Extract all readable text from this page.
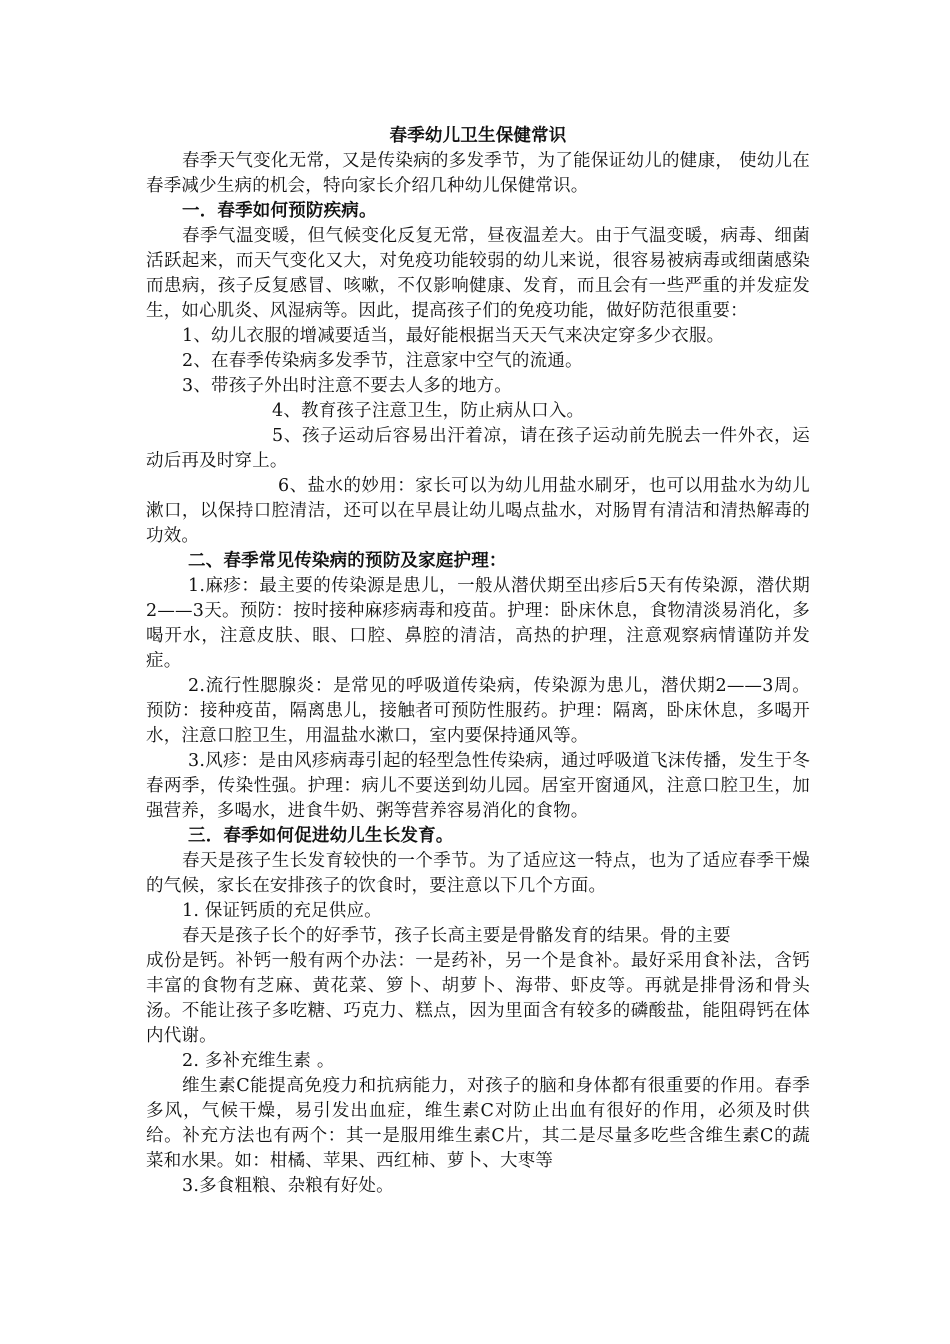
春季幼儿卫生保健常识

春季天气变化无常，又是传染病的多发季节，为了能保证幼儿的健康， 使幼儿在春季减少生病的机会，特向家长介绍几种幼儿保健常识。

一．春季如何预防疾病。

春季气温变暖，但气候变化反复无常，昼夜温差大。由于气温变暖，病毒、细菌活跃起来，而天气变化又大，对免疫功能较弱的幼儿来说，很容易被病毒或细菌感染而患病，孩子反复感冒、咳嗽，不仅影响健康、发育，而且会有一些严重的并发症发生，如心肌炎、风湿病等。因此，提高孩子们的免疫功能，做好防范很重要：

1、幼儿衣服的增减要适当，最好能根据当天天气来决定穿多少衣服。

2、在春季传染病多发季节，注意家中空气的流通。

3、带孩子外出时注意不要去人多的地方。

4、教育孩子注意卫生，防止病从口入。

5、孩子运动后容易出汗着凉，请在孩子运动前先脱去一件外衣，运动后再及时穿上。

6、盐水的妙用：家长可以为幼儿用盐水刷牙，也可以用盐水为幼儿漱口，以保持口腔清洁，还可以在早晨让幼儿喝点盐水，对肠胃有清洁和清热解毒的功效。

二、春季常见传染病的预防及家庭护理：

1.麻疹：最主要的传染源是患儿，一般从潜伏期至出疹后5天有传染源，潜伏期2——3天。预防：按时接种麻疹病毒和疫苗。护理：卧床休息，食物清淡易消化，多喝开水，注意皮肤、眼、口腔、鼻腔的清洁，高热的护理，注意观察病情谨防并发症。

2.流行性腮腺炎：是常见的呼吸道传染病，传染源为患儿，潜伏期2——3周。预防：接种疫苗，隔离患儿，接触者可预防性服药。护理：隔离，卧床休息，多喝开水，注意口腔卫生，用温盐水漱口，室内要保持通风等。

3.风疹：是由风疹病毒引起的轻型急性传染病，通过呼吸道飞沫传播，发生于冬春两季，传染性强。护理：病儿不要送到幼儿园。居室开窗通风，注意口腔卫生，加强营养，多喝水，进食牛奶、粥等营养容易消化的食物。

三．春季如何促进幼儿生长发育。

春天是孩子生长发育较快的一个季节。为了适应这一特点，也为了适应春季干燥的气候，家长在安排孩子的饮食时，要注意以下几个方面。

1. 保证钙质的充足供应。

春天是孩子长个的好季节，孩子长高主要是骨骼发育的结果。骨的主要

成份是钙。补钙一般有两个办法：一是药补，另一个是食补。最好采用食补法，含钙丰富的食物有芝麻、黄花菜、箩卜、胡萝卜、海带、虾皮等。再就是排骨汤和骨头汤。不能让孩子多吃糖、巧克力、糕点，因为里面含有较多的磷酸盐，能阻碍钙在体内代谢。

2. 多补充维生素 。

维生素C能提高免疫力和抗病能力，对孩子的脑和身体都有很重要的作用。春季多风，气候干燥，易引发出血症，维生素C对防止出血有很好的作用，必须及时供给。补充方法也有两个：其一是服用维生素C片，其二是尽量多吃些含维生素C的蔬菜和水果。如：柑橘、苹果、西红柿、萝卜、大枣等

3.多食粗粮、杂粮有好处。
